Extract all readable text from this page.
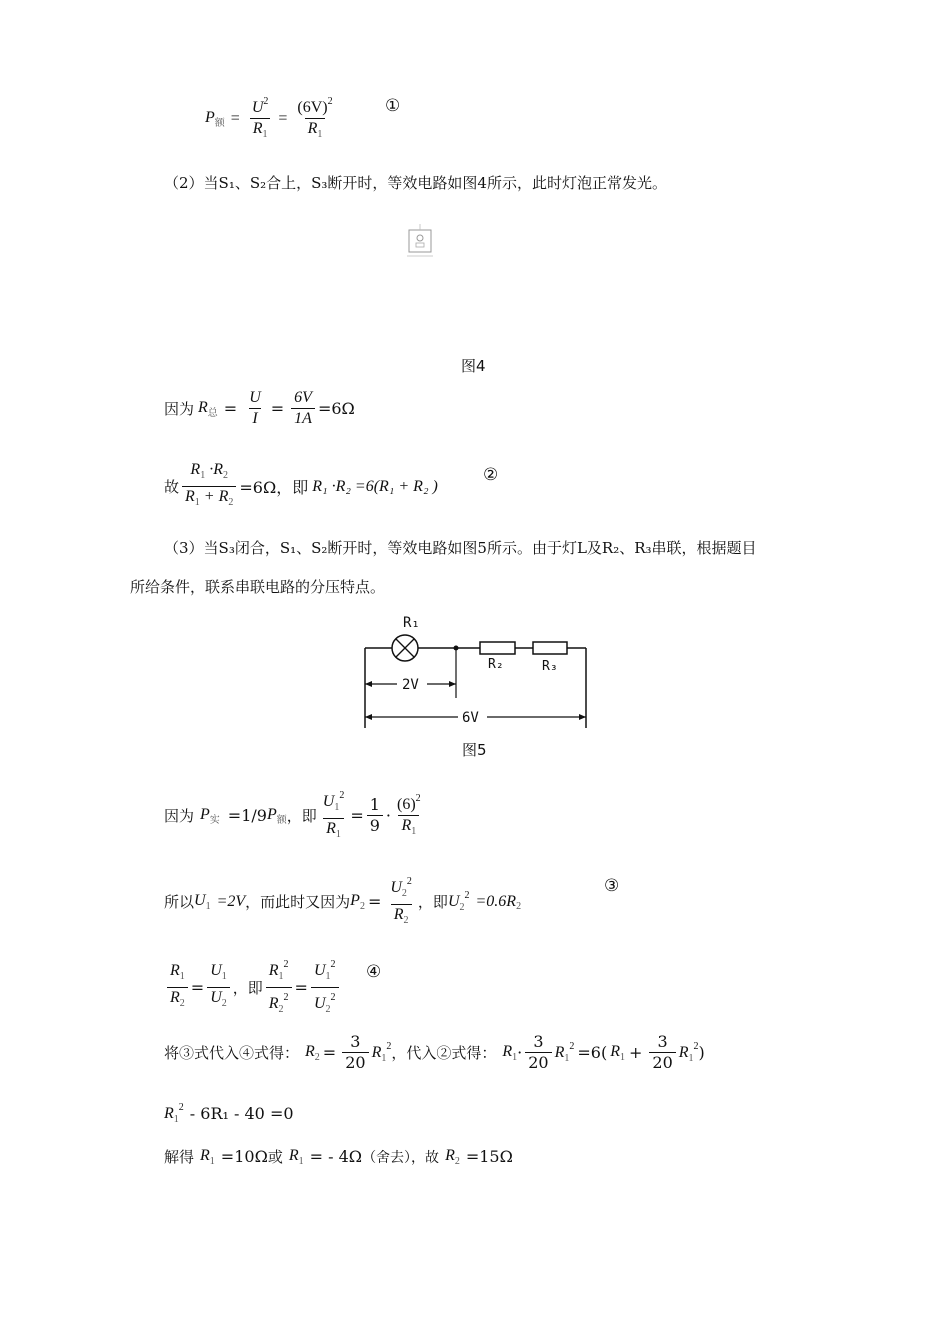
$P_额 = \frac{U^2}{R_1} = \frac{(6V)^2}{R_1}$	①
（2）当S₁、S₂合上，S₃断开时，等效电路如图4所示，此时灯泡正常发光。
图4
因为 $R_总 = \frac{U}{I} = \frac{6V}{1A} =6\Omega$
故 $\frac{R_1 \cdot R_2}{R_1 + R_2} =6\Omega$，即 R₁ ·R₂ =6(R₁ + R₂ )
②
（3）当S₃闭合，S₁、S₂断开时，等效电路如图5所示。由于灯L及R₂、R₃串联，根据题目
所给条件，联系串联电路的分压特点。
R₁
R₂	R₃
2V
6V
图5
因为 $P_实 =1/9$ $P_额$ ，即 $\frac{U_1^2}{R_1} = \frac{1}{9} \cdot \frac{(6)^2}{R_1}$
所以 $U_1 =2V$ ，而此时又因为 $P_2 = \frac{U_2^2}{R_2}$ ，即 $U_2^2 =0.6R$ $_2$
③
$\frac{R_1}{R_2} = \frac{U_1}{U_2}$ ，即 $\frac{R_1^2}{R_2^2} = \frac{U_1^2}{U_2^2}$ ④
将③式代入④式得： $R_2 = \frac{3}{20} R_1^2$ ，代入②式得： $R_1 \cdot \frac{3}{20} R_1^2 =6$( $R_1 + \frac{3}{20} R_1^2$ )
$R_1^2 - 6R_1 - 40 =0$
解得 $R_1 =10\Omega$ 或 $R_1$ = - 4Ω （舍去），故 $R_2 =15\Omega$
